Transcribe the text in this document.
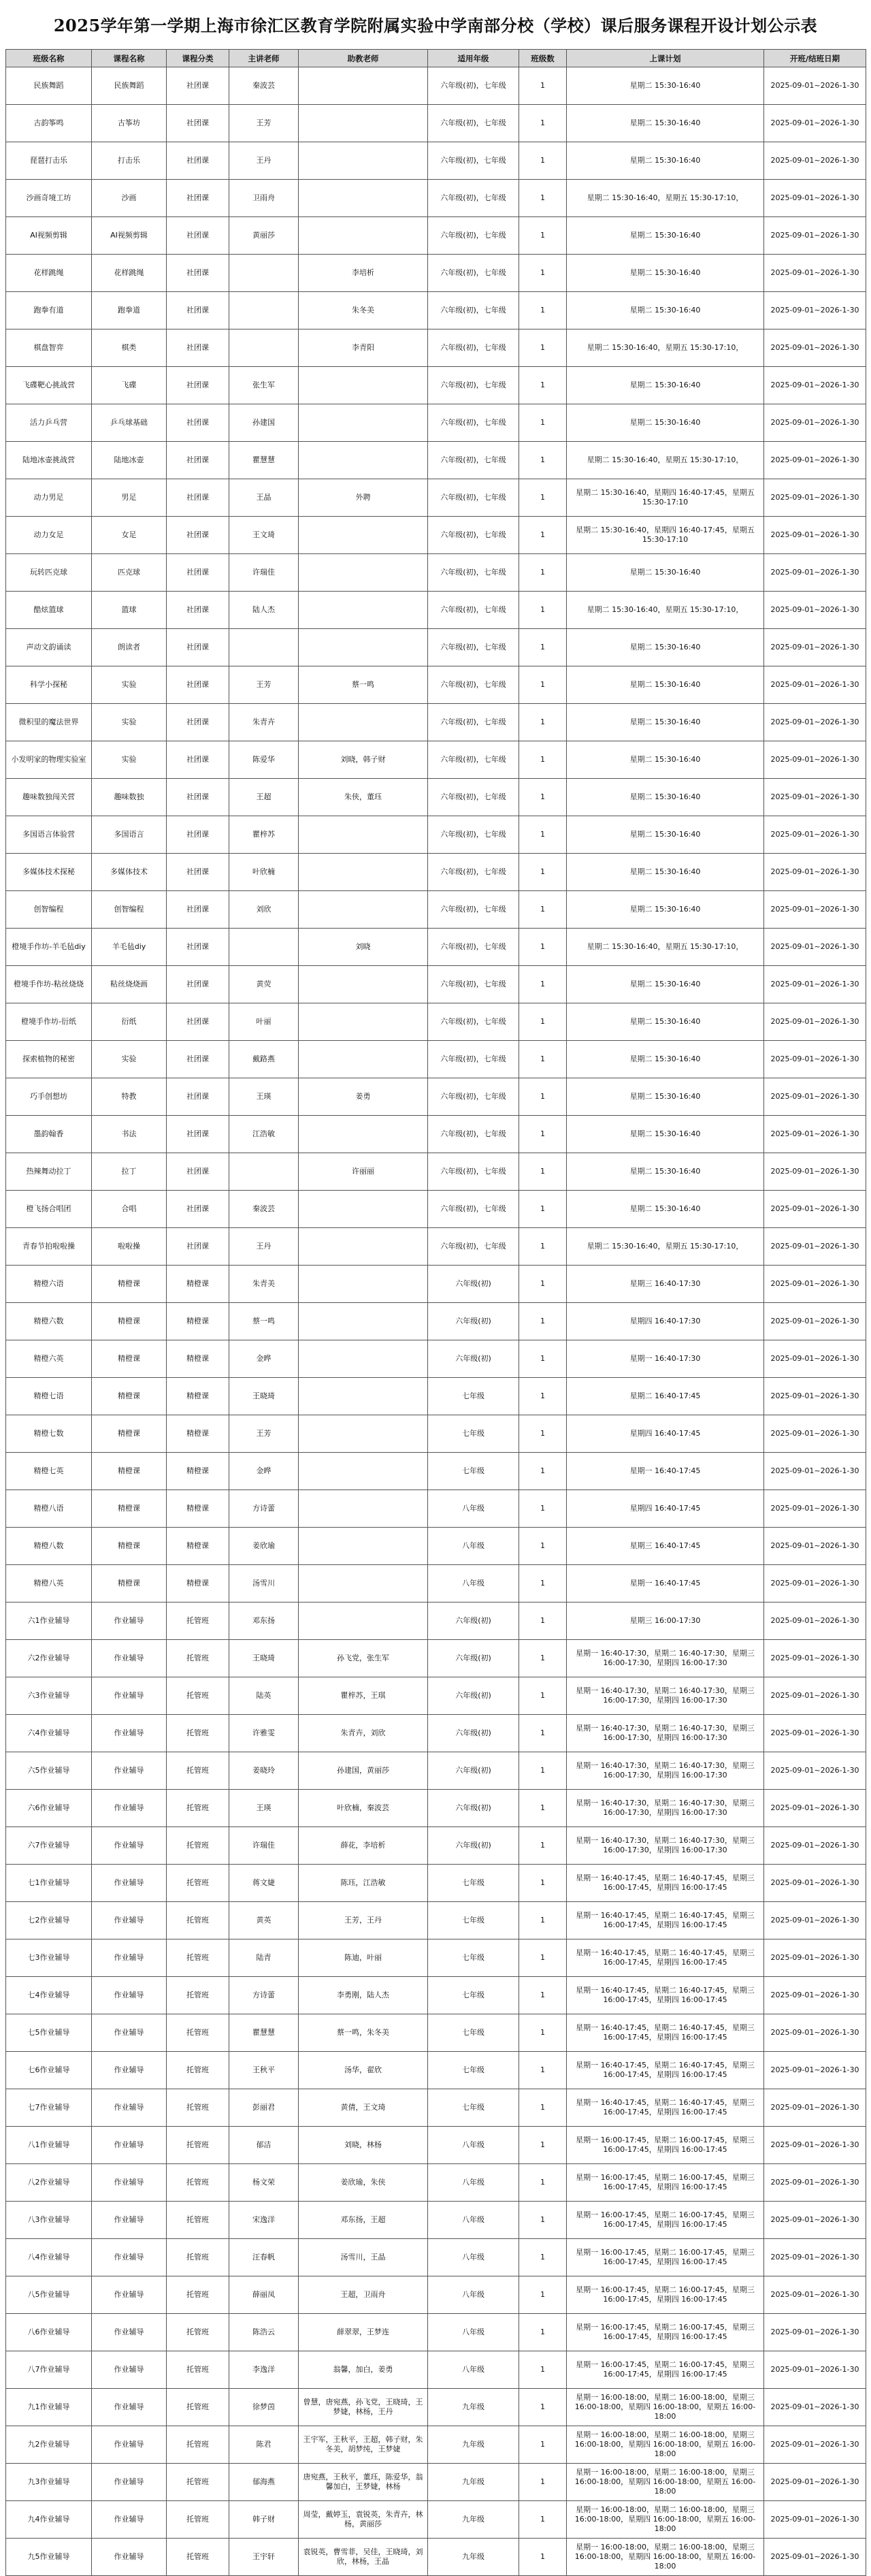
2025学年第一学期上海市徐汇区教育学院附属实验中学南部分校（学校）课后服务课程开设计划公示表
班级名称	课程名称	课程分类	主讲老师	助教老师	适用年级	班级数	上课计划	开班/结班日期
民族舞蹈	民族舞蹈	社团课	秦波芸		六年级(初)，七年级	1	星期二 15:30-16:40	2025-09-01~2026-1-30
古韵筝鸣	古筝坊	社团课	王芳		六年级(初)，七年级	1	星期二 15:30-16:40	2025-09-01~2026-1-30
琵琶打击乐	打击乐	社团课	王丹		六年级(初)，七年级	1	星期二 15:30-16:40	2025-09-01~2026-1-30
沙画奇境工坊	沙画	社团课	卫雨舟		六年级(初)，七年级	1	星期二 15:30-16:40，星期五 15:30-17:10，	2025-09-01~2026-1-30
AI视频剪辑	AI视频剪辑	社团课	黄丽莎		六年级(初)，七年级	1	星期二 15:30-16:40	2025-09-01~2026-1-30
花样跳绳	花样跳绳	社团课		李培析	六年级(初)，七年级	1	星期二 15:30-16:40	2025-09-01~2026-1-30
跑拳有道	跑拳道	社团课		朱冬美	六年级(初)，七年级	1	星期二 15:30-16:40	2025-09-01~2026-1-30
棋盘智弈	棋类	社团课		李青阳	六年级(初)，七年级	1	星期二 15:30-16:40，星期五 15:30-17:10，	2025-09-01~2026-1-30
飞碟靶心挑战营	飞碟	社团课	张生军		六年级(初)，七年级	1	星期二 15:30-16:40	2025-09-01~2026-1-30
活力乒乓营	乒乓球基础	社团课	孙建国		六年级(初)，七年级	1	星期二 15:30-16:40	2025-09-01~2026-1-30
陆地冰壶挑战营	陆地冰壶	社团课	瞿慧慧		六年级(初)，七年级	1	星期二 15:30-16:40，星期五 15:30-17:10，	2025-09-01~2026-1-30
动力男足	男足	社团课	王晶	外聘	六年级(初)，七年级	1	星期二 15:30-16:40，星期四 16:40-17:45，星期五 15:30-17:10	2025-09-01~2026-1-30
动力女足	女足	社团课	王文琦		六年级(初)，七年级	1	星期二 15:30-16:40，星期四 16:40-17:45，星期五 15:30-17:10	2025-09-01~2026-1-30
玩转匹克球	匹克球	社团课	许瑞佳		六年级(初)，七年级	1	星期二 15:30-16:40	2025-09-01~2026-1-30
酷炫篮球	篮球	社团课	陆人杰		六年级(初)，七年级	1	星期二 15:30-16:40，星期五 15:30-17:10，	2025-09-01~2026-1-30
声动文韵诵读	朗读者	社团课			六年级(初)，七年级	1	星期二 15:30-16:40	2025-09-01~2026-1-30
科学小探秘	实验	社团课	王芳	蔡一鸣	六年级(初)，七年级	1	星期二 15:30-16:40	2025-09-01~2026-1-30
微积里的魔法世界	实验	社团课	朱青卉		六年级(初)，七年级	1	星期二 15:30-16:40	2025-09-01~2026-1-30
小发明家的物理实验室	实验	社团课	陈爱华	刘晓，韩子财	六年级(初)，七年级	1	星期二 15:30-16:40	2025-09-01~2026-1-30
趣味数独闯关营	趣味数独	社团课	王超	朱侠，董珏	六年级(初)，七年级	1	星期二 15:30-16:40	2025-09-01~2026-1-30
多国语言体验营	多国语言	社团课	瞿梓苏		六年级(初)，七年级	1	星期二 15:30-16:40	2025-09-01~2026-1-30
多媒体技术探秘	多媒体技术	社团课	叶欣楠		六年级(初)，七年级	1	星期二 15:30-16:40	2025-09-01~2026-1-30
创智编程	创智编程	社团课	刘欣		六年级(初)，七年级	1	星期二 15:30-16:40	2025-09-01~2026-1-30
橙境手作坊-羊毛毡diy	羊毛毡diy	社团课		刘晓	六年级(初)，七年级	1	星期二 15:30-16:40，星期五 15:30-17:10，	2025-09-01~2026-1-30
橙境手作坊-粘丝烧烧	粘丝烧烧画	社团课	黄荧		六年级(初)，七年级	1	星期二 15:30-16:40	2025-09-01~2026-1-30
橙境手作坊-衍纸	衍纸	社团课	叶丽		六年级(初)，七年级	1	星期二 15:30-16:40	2025-09-01~2026-1-30
探索植物的秘密	实验	社团课	戴路燕		六年级(初)，七年级	1	星期二 15:30-16:40	2025-09-01~2026-1-30
巧手创想坊	特教	社团课	王瑛	姜勇	六年级(初)，七年级	1	星期二 15:30-16:40	2025-09-01~2026-1-30
墨韵翰香	书法	社团课	江浩敏		六年级(初)，七年级	1	星期二 15:30-16:40	2025-09-01~2026-1-30
热辣舞动拉丁	拉丁	社团课		许丽丽	六年级(初)，七年级	1	星期二 15:30-16:40	2025-09-01~2026-1-30
橙飞扬合唱团	合唱	社团课	秦波芸		六年级(初)，七年级	1	星期二 15:30-16:40	2025-09-01~2026-1-30
青春节拍啦啦操	啦啦操	社团课	王丹		六年级(初)，七年级	1	星期二 15:30-16:40，星期五 15:30-17:10，	2025-09-01~2026-1-30
精橙六语	精橙课	精橙课	朱青美		六年级(初)	1	星期三 16:40-17:30	2025-09-01~2026-1-30
精橙六数	精橙课	精橙课	蔡一鸣		六年级(初)	1	星期四 16:40-17:30	2025-09-01~2026-1-30
精橙六英	精橙课	精橙课	金晔		六年级(初)	1	星期一 16:40-17:30	2025-09-01~2026-1-30
精橙七语	精橙课	精橙课	王晓琦		七年级	1	星期二 16:40-17:45	2025-09-01~2026-1-30
精橙七数	精橙课	精橙课	王芳		七年级	1	星期四 16:40-17:45	2025-09-01~2026-1-30
精橙七英	精橙课	精橙课	金晔		七年级	1	星期一 16:40-17:45	2025-09-01~2026-1-30
精橙八语	精橙课	精橙课	方诗蕾		八年级	1	星期四 16:40-17:45	2025-09-01~2026-1-30
精橙八数	精橙课	精橙课	姜欣瑜		八年级	1	星期三 16:40-17:45	2025-09-01~2026-1-30
精橙八英	精橙课	精橙课	汤雪川		八年级	1	星期一 16:40-17:45	2025-09-01~2026-1-30
六1作业辅导	作业辅导	托管班	邓东扬		六年级(初)	1	星期三 16:00-17:30	2025-09-01~2026-1-30
六2作业辅导	作业辅导	托管班	王晓琦	孙飞党，张生军	六年级(初)	1	星期一 16:40-17:30，星期二 16:40-17:30，星期三 16:00-17:30，星期四 16:00-17:30	2025-09-01~2026-1-30
六3作业辅导	作业辅导	托管班	陆英	瞿梓苏，王琪	六年级(初)	1	星期一 16:40-17:30，星期二 16:40-17:30，星期三 16:00-17:30，星期四 16:00-17:30	2025-09-01~2026-1-30
六4作业辅导	作业辅导	托管班	许雅雯	朱青卉，刘欣	六年级(初)	1	星期一 16:40-17:30，星期二 16:40-17:30，星期三 16:00-17:30，星期四 16:00-17:30	2025-09-01~2026-1-30
六5作业辅导	作业辅导	托管班	姜晓玲	孙建国，黄丽莎	六年级(初)	1	星期一 16:40-17:30，星期二 16:40-17:30，星期三 16:00-17:30，星期四 16:00-17:30	2025-09-01~2026-1-30
六6作业辅导	作业辅导	托管班	王瑛	叶欣楠，秦波芸	六年级(初)	1	星期一 16:40-17:30，星期二 16:40-17:30，星期三 16:00-17:30，星期四 16:00-17:30	2025-09-01~2026-1-30
六7作业辅导	作业辅导	托管班	许瑞佳	薛花，李培析	六年级(初)	1	星期一 16:40-17:30，星期二 16:40-17:30，星期三 16:00-17:30，星期四 16:00-17:30	2025-09-01~2026-1-30
七1作业辅导	作业辅导	托管班	蒋文婕	陈珏，江浩敏	七年级	1	星期一 16:40-17:45，星期二 16:40-17:45，星期三 16:00-17:45，星期四 16:00-17:45	2025-09-01~2026-1-30
七2作业辅导	作业辅导	托管班	黄英	王芳，王丹	七年级	1	星期一 16:40-17:45，星期二 16:40-17:45，星期三 16:00-17:45，星期四 16:00-17:45	2025-09-01~2026-1-30
七3作业辅导	作业辅导	托管班	陆青	陈迪，叶丽	七年级	1	星期一 16:40-17:45，星期二 16:40-17:45，星期三 16:00-17:45，星期四 16:00-17:45	2025-09-01~2026-1-30
七4作业辅导	作业辅导	托管班	方诗蕾	李勇刚，陆人杰	七年级	1	星期一 16:40-17:45，星期二 16:40-17:45，星期三 16:00-17:45，星期四 16:00-17:45	2025-09-01~2026-1-30
七5作业辅导	作业辅导	托管班	瞿慧慧	蔡一鸣，朱冬美	七年级	1	星期一 16:40-17:45，星期二 16:40-17:45，星期三 16:00-17:45，星期四 16:00-17:45	2025-09-01~2026-1-30
七6作业辅导	作业辅导	托管班	王秋平	汤华，翟欣	七年级	1	星期一 16:40-17:45，星期二 16:40-17:45，星期三 16:00-17:45，星期四 16:00-17:45	2025-09-01~2026-1-30
七7作业辅导	作业辅导	托管班	彭丽君	黄倩，王文琦	七年级	1	星期一 16:40-17:45，星期二 16:40-17:45，星期三 16:00-17:45，星期四 16:00-17:45	2025-09-01~2026-1-30
八1作业辅导	作业辅导	托管班	郁洁	刘晓，林杨	八年级	1	星期一 16:00-17:45，星期二 16:00-17:45，星期三 16:00-17:45，星期四 16:00-17:45	2025-09-01~2026-1-30
八2作业辅导	作业辅导	托管班	杨文荣	姜欣瑜，朱侠	八年级	1	星期一 16:00-17:45，星期二 16:00-17:45，星期三 16:00-17:45，星期四 16:00-17:45	2025-09-01~2026-1-30
八3作业辅导	作业辅导	托管班	宋逸洋	邓东扬，王超	八年级	1	星期一 16:00-17:45，星期二 16:00-17:45，星期三 16:00-17:45，星期四 16:00-17:45	2025-09-01~2026-1-30
八4作业辅导	作业辅导	托管班	汪春帆	汤雪川，王晶	八年级	1	星期一 16:00-17:45，星期二 16:00-17:45，星期三 16:00-17:45，星期四 16:00-17:45	2025-09-01~2026-1-30
八5作业辅导	作业辅导	托管班	薛丽凤	王超，卫雨舟	八年级	1	星期一 16:00-17:45，星期二 16:00-17:45，星期三 16:00-17:45，星期四 16:00-17:45	2025-09-01~2026-1-30
八6作业辅导	作业辅导	托管班	陈浩云	薛翠翠，王梦连	八年级	1	星期一 16:00-17:45，星期二 16:00-17:45，星期三 16:00-17:45，星期四 16:00-17:45	2025-09-01~2026-1-30
八7作业辅导	作业辅导	托管班	李逸洋	翁馨，加白，姜勇	八年级	1	星期一 16:00-17:45，星期二 16:00-17:45，星期三 16:00-17:45，星期四 16:00-17:45	2025-09-01~2026-1-30
九1作业辅导	作业辅导	托管班	徐梦茵	曾慧，唐宛燕，孙飞党，王晓琦，王梦婕，林杨，王丹	九年级	1	星期一 16:00-18:00，星期二 16:00-18:00，星期三 16:00-18:00，星期四 16:00-18:00，星期五 16:00-18:00	2025-09-01~2026-1-30
九2作业辅导	作业辅导	托管班	陈君	王宇军，王秋平，王超，韩子财，朱冬美，胡梦纯，王梦婕	九年级	1	星期一 16:00-18:00，星期二 16:00-18:00，星期三 16:00-18:00，星期四 16:00-18:00，星期五 16:00-18:00	2025-09-01~2026-1-30
九3作业辅导	作业辅导	托管班	郁海燕	唐宛燕，王秋平，董珏，陈爱华，翁馨加白，王梦婕，林杨	九年级	1	星期一 16:00-18:00，星期二 16:00-18:00，星期三 16:00-18:00，星期四 16:00-18:00，星期五 16:00-18:00	2025-09-01~2026-1-30
九4作业辅导	作业辅导	托管班	韩子财	周莹，戴婷玉，袁锐英，朱青卉，林杨，黄丽莎	九年级	1	星期一 16:00-18:00，星期二 16:00-18:00，星期三 16:00-18:00，星期四 16:00-18:00，星期五 16:00-18:00	2025-09-01~2026-1-30
九5作业辅导	作业辅导	托管班	王宇轩	袁锐英，曹雪菲，吴佳，王晓琦，刘欣，林杨，王晶	九年级	1	星期一 16:00-18:00，星期二 16:00-18:00，星期三 16:00-18:00，星期四 16:00-18:00，星期五 16:00-18:00	2025-09-01~2026-1-30
